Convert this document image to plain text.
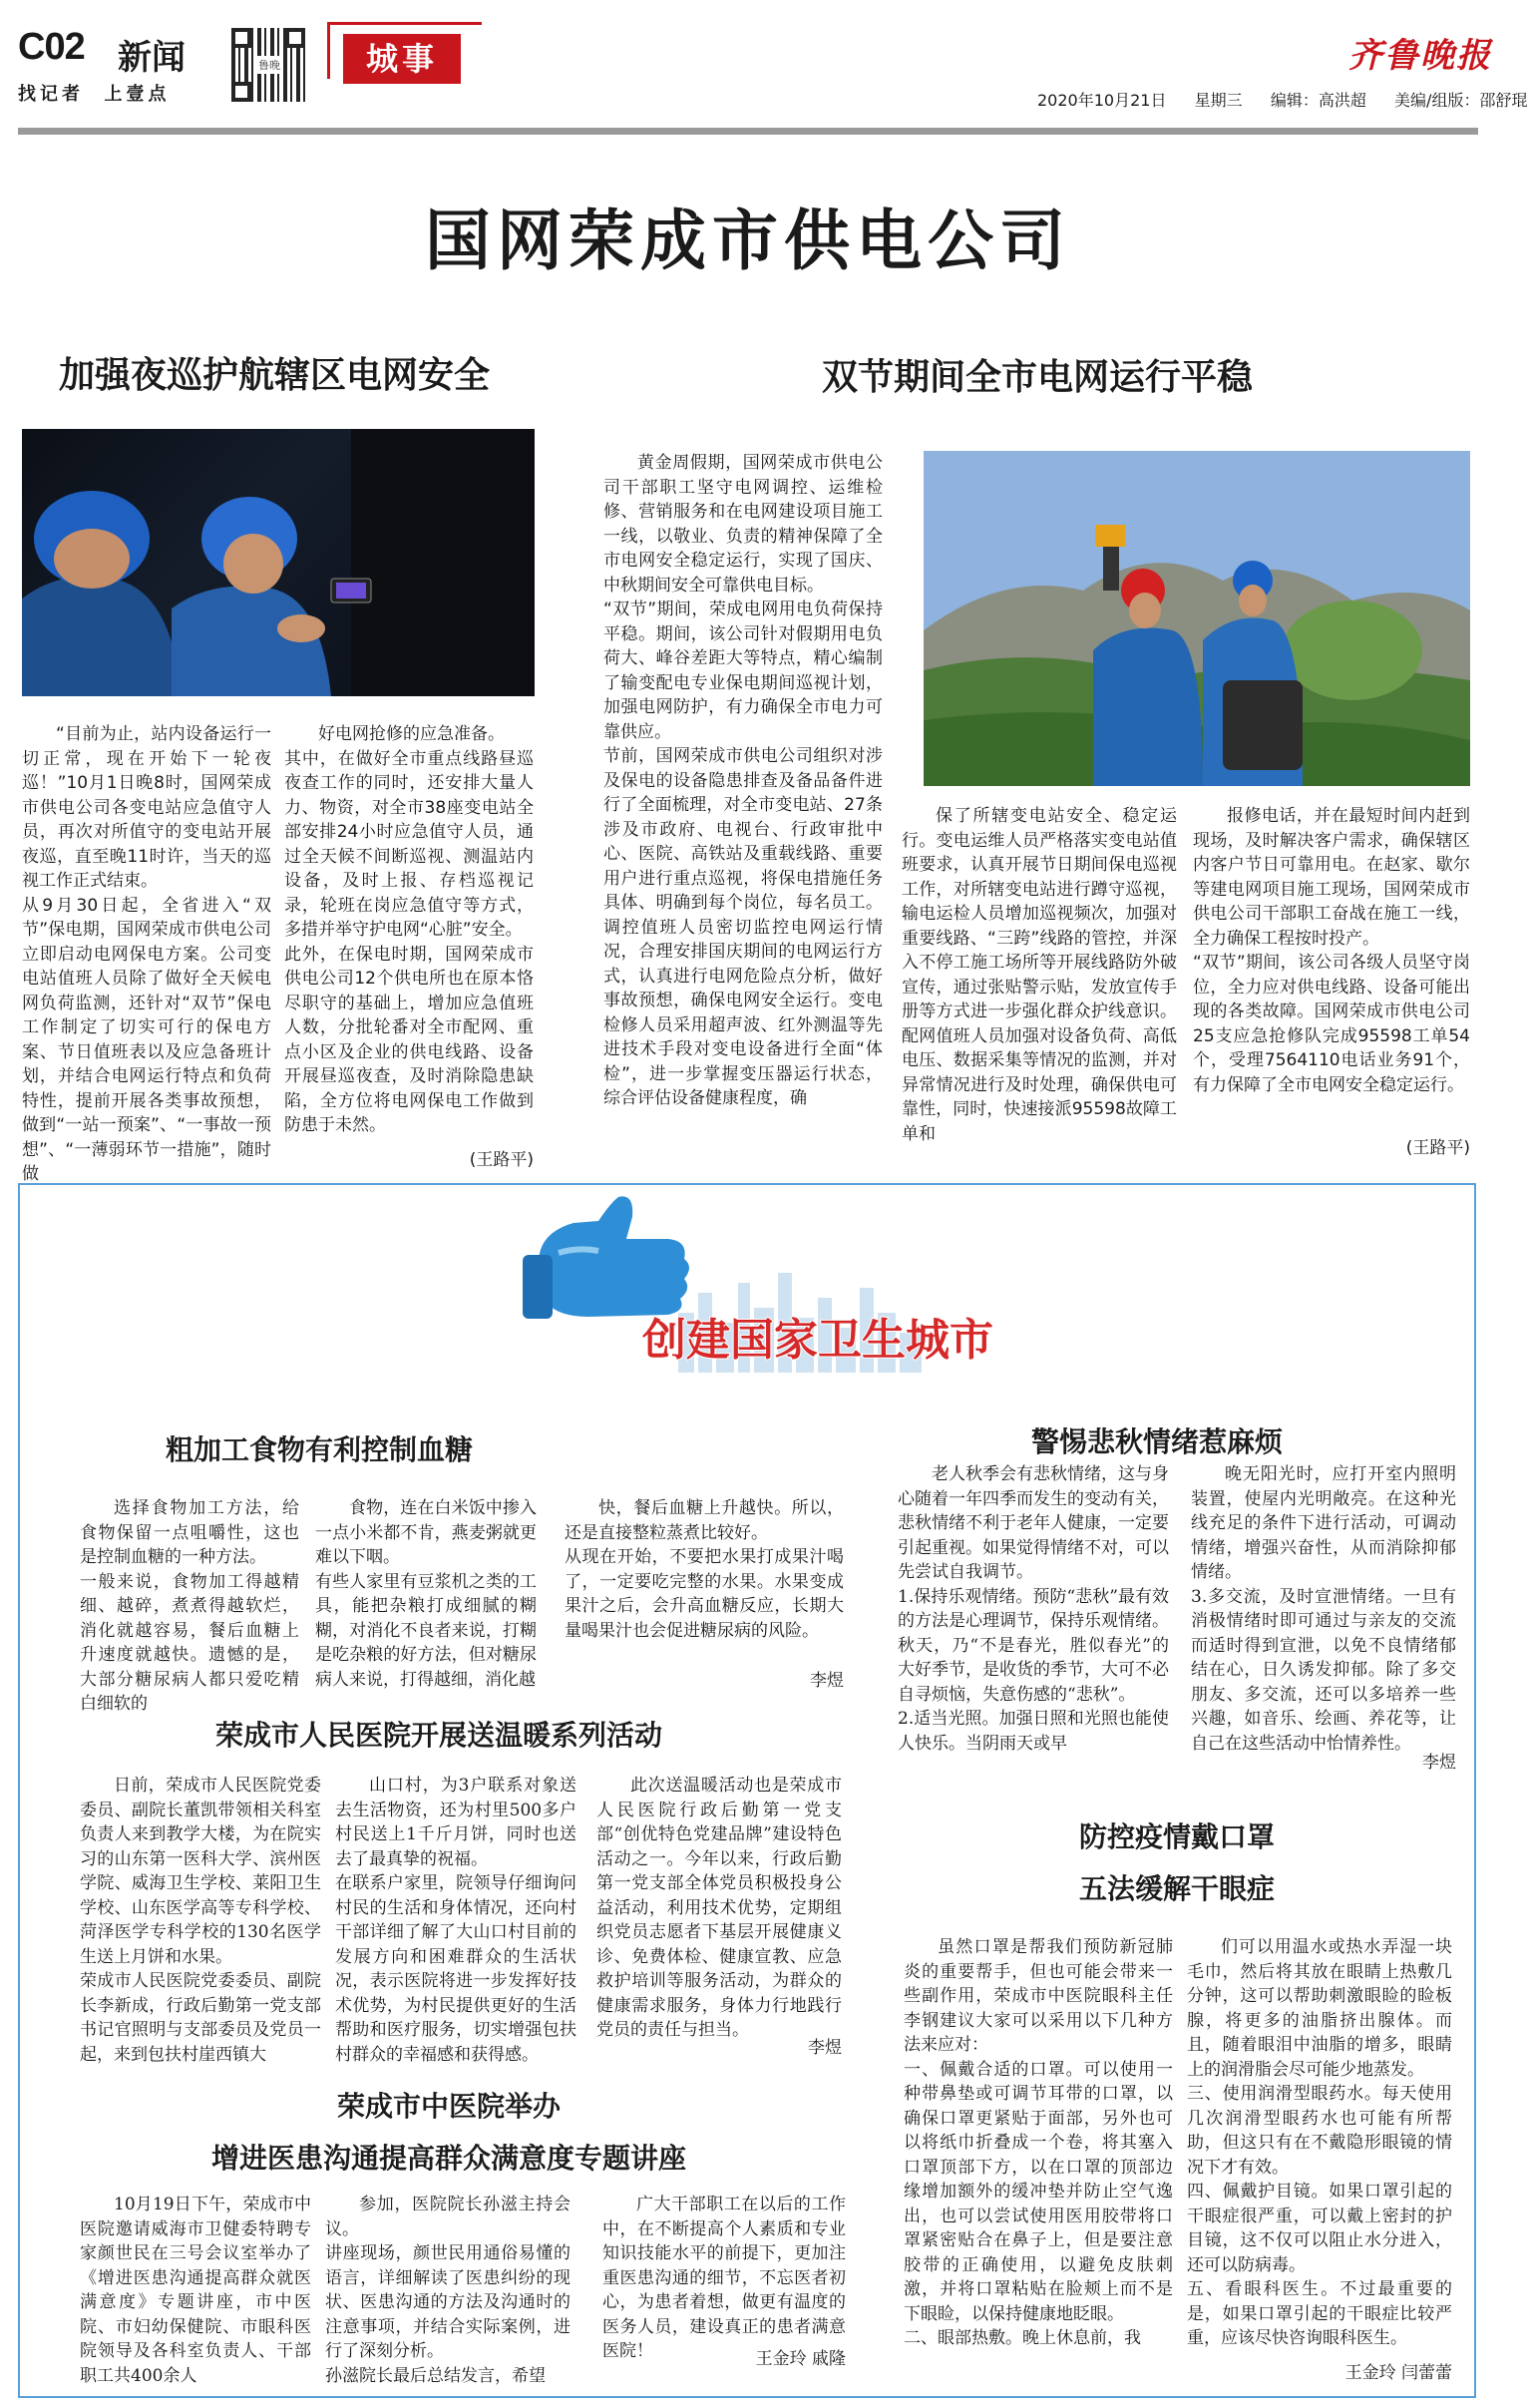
C02 新闻
找记者  上壹点
鲁晚	城事	齐鲁晚报
2020年10月21日 星期三 编辑：高洪超 美编/组版：邵舒琨
国网荣成市供电公司
加强夜巡护航辖区电网安全
“目前为止，站内设备运行一切正常，现在开始下一轮夜巡！”10月1日晚8时，国网荣成市供电公司各变电站应急值守人员，再次对所值守的变电站开展夜巡，直至晚11时许，当天的巡视工作正式结束。
从9月30日起，全省进入“双节”保电期，国网荣成市供电公司立即启动电网保电方案。公司变电站值班人员除了做好全天候电网负荷监测，还针对“双节”保电工作制定了切实可行的保电方案、节日值班表以及应急备班计划，并结合电网运行特点和负荷特性，提前开展各类事故预想，做到“一站一预案”、“一事故一预想”、“一薄弱环节一措施”，随时做
好电网抢修的应急准备。
其中，在做好全市重点线路昼巡夜查工作的同时，还安排大量人力、物资，对全市38座变电站全部安排24小时应急值守人员，通过全天候不间断巡视、测温站内设备，及时上报、存档巡视记录，轮班在岗应急值守等方式，多措并举守护电网“心脏”安全。
此外，在保电时期，国网荣成市供电公司12个供电所也在原本恪尽职守的基础上，增加应急值班人数，分批轮番对全市配网、重点小区及企业的供电线路、设备开展昼巡夜查，及时消除隐患缺陷，全方位将电网保电工作做到防患于未然。
(王路平)
双节期间全市电网运行平稳
黄金周假期，国网荣成市供电公司干部职工坚守电网调控、运维检修、营销服务和在电网建设项目施工一线，以敬业、负责的精神保障了全市电网安全稳定运行，实现了国庆、中秋期间安全可靠供电目标。
“双节”期间，荣成电网用电负荷保持平稳。期间，该公司针对假期用电负荷大、峰谷差距大等特点，精心编制了输变配电专业保电期间巡视计划，加强电网防护，有力确保全市电力可靠供应。
节前，国网荣成市供电公司组织对涉及保电的设备隐患排查及备品备件进行了全面梳理，对全市变电站、27条涉及市政府、电视台、行政审批中心、医院、高铁站及重载线路、重要用户进行重点巡视，将保电措施任务具体、明确到每个岗位，每名员工。调控值班人员密切监控电网运行情况，合理安排国庆期间的电网运行方式，认真进行电网危险点分析，做好事故预想，确保电网安全运行。变电检修人员采用超声波、红外测温等先进技术手段对变电设备进行全面“体检”，进一步掌握变压器运行状态，综合评估设备健康程度，确
保了所辖变电站安全、稳定运行。变电运维人员严格落实变电站值班要求，认真开展节日期间保电巡视工作，对所辖变电站进行蹲守巡视，输电运检人员增加巡视频次，加强对重要线路、“三跨”线路的管控，并深入不停工施工场所等开展线路防外破宣传，通过张贴警示贴，发放宣传手册等方式进一步强化群众护线意识。配网值班人员加强对设备负荷、高低电压、数据采集等情况的监测，并对异常情况进行及时处理，确保供电可靠性，同时，快速接派95598故障工单和
报修电话，并在最短时间内赶到现场，及时解决客户需求，确保辖区内客户节日可靠用电。在赵家、歇尔等建电网项目施工现场，国网荣成市供电公司干部职工奋战在施工一线，全力确保工程按时投产。
“双节”期间，该公司各级人员坚守岗位，全力应对供电线路、设备可能出现的各类故障。国网荣成市供电公司25支应急抢修队完成95598工单54个，受理7564110电话业务91个，有力保障了全市电网安全稳定运行。
(王路平)
创建国家卫生城市
粗加工食物有利控制血糖
选择食物加工方法，给食物保留一点咀嚼性，这也是控制血糖的一种方法。
一般来说，食物加工得越精细、越碎，煮煮得越软烂，消化就越容易，餐后血糖上升速度就越快。遗憾的是，大部分糖尿病人都只爱吃精白细软的
食物，连在白米饭中掺入一点小米都不肯，燕麦粥就更难以下咽。
有些人家里有豆浆机之类的工具，能把杂粮打成细腻的糊糊，对消化不良者来说，打糊是吃杂粮的好方法，但对糖尿病人来说，打得越细，消化越
快，餐后血糖上升越快。所以，还是直接整粒蒸煮比较好。
从现在开始，不要把水果打成果汁喝了，一定要吃完整的水果。水果变成果汁之后，会升高血糖反应，长期大量喝果汁也会促进糖尿病的风险。
李煜
警惕悲秋情绪惹麻烦
老人秋季会有悲秋情绪，这与身心随着一年四季而发生的变动有关，悲秋情绪不利于老年人健康，一定要引起重视。如果觉得情绪不对，可以先尝试自我调节。
1.保持乐观情绪。预防“悲秋”最有效的方法是心理调节，保持乐观情绪。秋天，乃“不是春光，胜似春光”的大好季节，是收货的季节，大可不必自寻烦恼，失意伤感的“悲秋”。
2.适当光照。加强日照和光照也能使人快乐。当阴雨天或早
晚无阳光时，应打开室内照明装置，使屋内光明敞亮。在这种光线充足的条件下进行活动，可调动情绪，增强兴奋性，从而消除抑郁情绪。
3.多交流，及时宣泄情绪。一旦有消极情绪时即可通过与亲友的交流而适时得到宣泄，以免不良情绪郁结在心，日久诱发抑郁。除了多交朋友、多交流，还可以多培养一些兴趣，如音乐、绘画、养花等，让自己在这些活动中怡情养性。
李煜
荣成市人民医院开展送温暖系列活动
日前，荣成市人民医院党委委员、副院长董凯带领相关科室负责人来到教学大楼，为在院实习的山东第一医科大学、滨州医学院、威海卫生学校、莱阳卫生学校、山东医学高等专科学校、菏泽医学专科学校的130名医学生送上月饼和水果。
荣成市人民医院党委委员、副院长李新成，行政后勤第一党支部书记官照明与支部委员及党员一起，来到包扶村崖西镇大
山口村，为3户联系对象送去生活物资，还为村里500多户村民送上1千斤月饼，同时也送去了最真挚的祝福。
在联系户家里，院领导仔细询问村民的生活和身体情况，还向村干部详细了解了大山口村目前的发展方向和困难群众的生活状况，表示医院将进一步发挥好技术优势，为村民提供更好的生活帮助和医疗服务，切实增强包扶村群众的幸福感和获得感。
此次送温暖活动也是荣成市人民医院行政后勤第一党支部“创优特色党建品牌”建设特色活动之一。今年以来，行政后勤第一党支部全体党员积极投身公益活动，利用技术优势，定期组织党员志愿者下基层开展健康义诊、免费体检、健康宣教、应急救护培训等服务活动，为群众的健康需求服务，身体力行地践行党员的责任与担当。
李煜
防控疫情戴口罩
五法缓解干眼症
虽然口罩是帮我们预防新冠肺炎的重要帮手，但也可能会带来一些副作用，荣成市中医院眼科主任李钢建议大家可以采用以下几种方法来应对：
一、佩戴合适的口罩。可以使用一种带鼻垫或可调节耳带的口罩，以确保口罩更紧贴于面部，另外也可以将纸巾折叠成一个卷，将其塞入口罩顶部下方，以在口罩的顶部边缘增加额外的缓冲垫并防止空气逸出，也可以尝试使用医用胶带将口罩紧密贴合在鼻子上，但是要注意胶带的正确使用，以避免皮肤刺激，并将口罩粘贴在脸颊上而不是下眼睑，以保持健康地眨眼。
二、眼部热敷。晚上休息前，我
们可以用温水或热水弄湿一块毛巾，然后将其放在眼睛上热敷几分钟，这可以帮助刺激眼睑的睑板腺，将更多的油脂挤出腺体。而且，随着眼泪中油脂的增多，眼睛上的润滑脂会尽可能少地蒸发。
三、使用润滑型眼药水。每天使用几次润滑型眼药水也可能有所帮助，但这只有在不戴隐形眼镜的情况下才有效。
四、佩戴护目镜。如果口罩引起的干眼症很严重，可以戴上密封的护目镜，这不仅可以阻止水分进入，还可以防病毒。
五、看眼科医生。不过最重要的是，如果口罩引起的干眼症比较严重，应该尽快咨询眼科医生。
王金玲 闫蕾蕾
荣成市中医院举办
增进医患沟通提高群众满意度专题讲座
10月19日下午，荣成市中医院邀请威海市卫健委特聘专家颜世民在三号会议室举办了《增进医患沟通提高群众就医满意度》专题讲座，市中医院、市妇幼保健院、市眼科医院领导及各科室负责人、干部职工共400余人
参加，医院院长孙滋主持会议。
讲座现场，颜世民用通俗易懂的语言，详细解读了医患纠纷的现状、医患沟通的方法及沟通时的注意事项，并结合实际案例，进行了深刻分析。
孙滋院长最后总结发言，希望
广大干部职工在以后的工作中，在不断提高个人素质和专业知识技能水平的前提下，更加注重医患沟通的细节，不忘医者初心，为患者着想，做更有温度的医务人员，建设真正的患者满意医院！	王金玲 戚隆
